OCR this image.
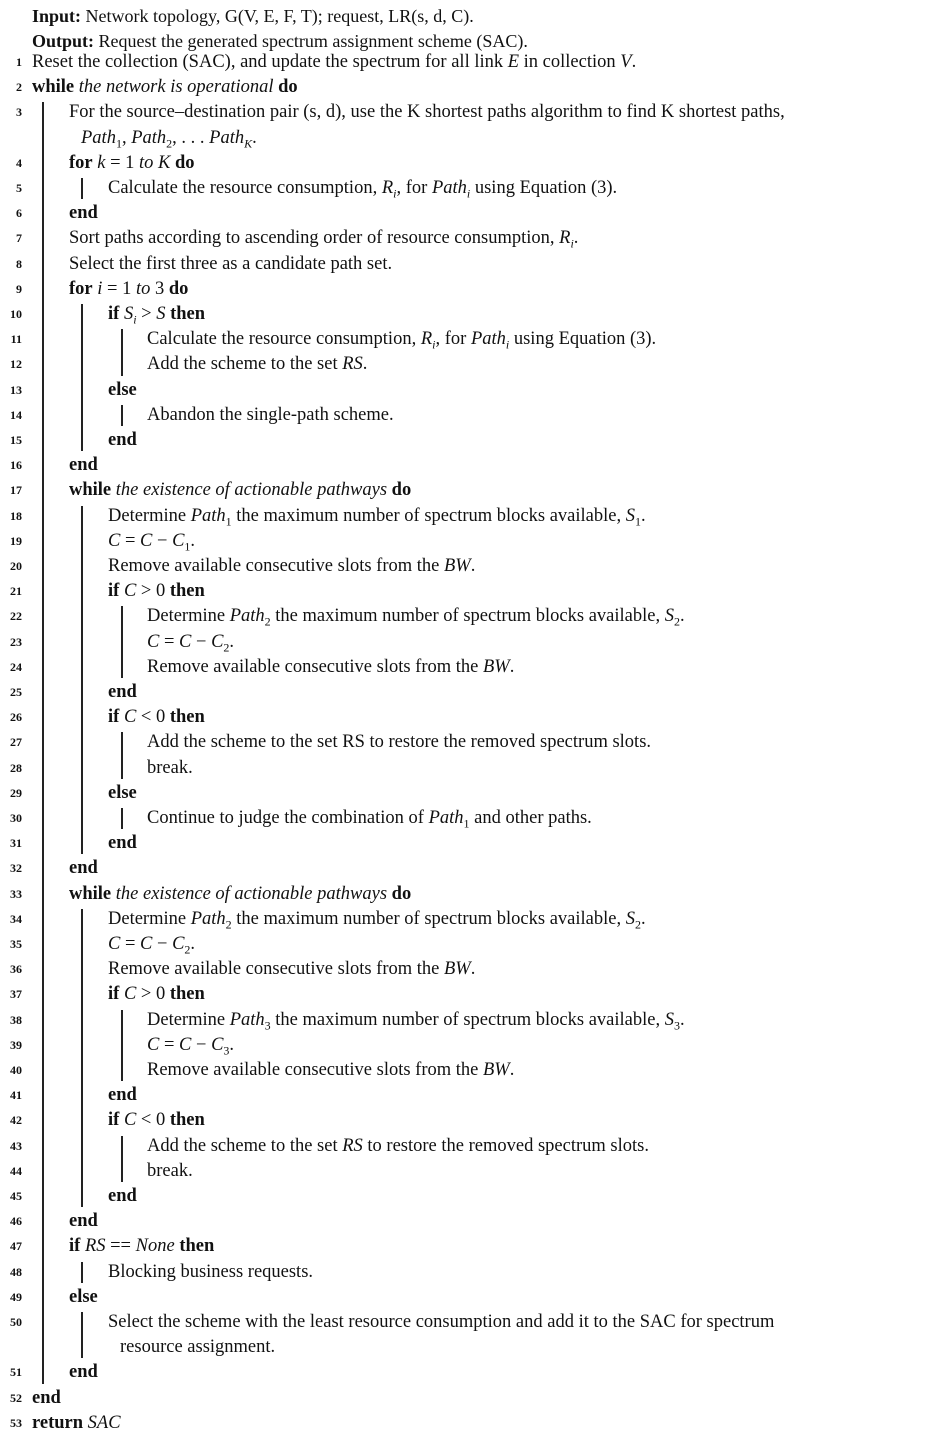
Input: Network topology, G(V, E, F, T); request, LR(s, d, C).
Output: Request the generated spectrum assignment scheme (SAC).
1 Reset the collection (SAC), and update the spectrum for all link E in collection V.
2 while the network is operational do
3	For the source–destination pair (s, d), use the K shortest paths algorithm to find K shortest paths,
Path$_1$, Path$_2$, . . . Path$_K$.
4	for k = 1 to K do
5	Calculate the resource consumption, $R_i$, for Path$_i$ using Equation (3).
6	end
7	Sort paths according to ascending order of resource consumption, $R_i$.
8	Select the first three as a candidate path set.
9	for i = 1 to 3 do
10	if $S_i > S$ then
11	Calculate the resource consumption, $R_i$, for Path$_i$ using Equation (3).
12	Add the scheme to the set RS.
13	else
14	Abandon the single-path scheme.
15	end
16	end
17	while the existence of actionable pathways do
18	Determine Path$_1$ the maximum number of spectrum blocks available, $S_1$.
19	$C = C - C_1$.
20	Remove available consecutive slots from the BW.
21	if C > 0 then
22	Determine Path$_2$ the maximum number of spectrum blocks available, $S_2$.
23	$C = C - C_2$.
24	Remove available consecutive slots from the BW.
25	end
26	if C < 0 then
27	Add the scheme to the set RS to restore the removed spectrum slots.
28	break.
29	else
30	Continue to judge the combination of Path$_1$ and other paths.
31	end
32	end
33	while the existence of actionable pathways do
34	Determine Path$_2$ the maximum number of spectrum blocks available, $S_2$.
35	$C = C - C_2$.
36	Remove available consecutive slots from the BW.
37	if C > 0 then
38	Determine Path$_3$ the maximum number of spectrum blocks available, $S_3$.
39	$C = C - C_3$.
40	Remove available consecutive slots from the BW.
41	end
42	if C < 0 then
43	Add the scheme to the set RS to restore the removed spectrum slots.
44	break.
45	end
46	end
47	if RS == None then
48	Blocking business requests.
49	else
50	Select the scheme with the least resource consumption and add it to the SAC for spectrum
resource assignment.
51	end
52 end
53 return SAC
